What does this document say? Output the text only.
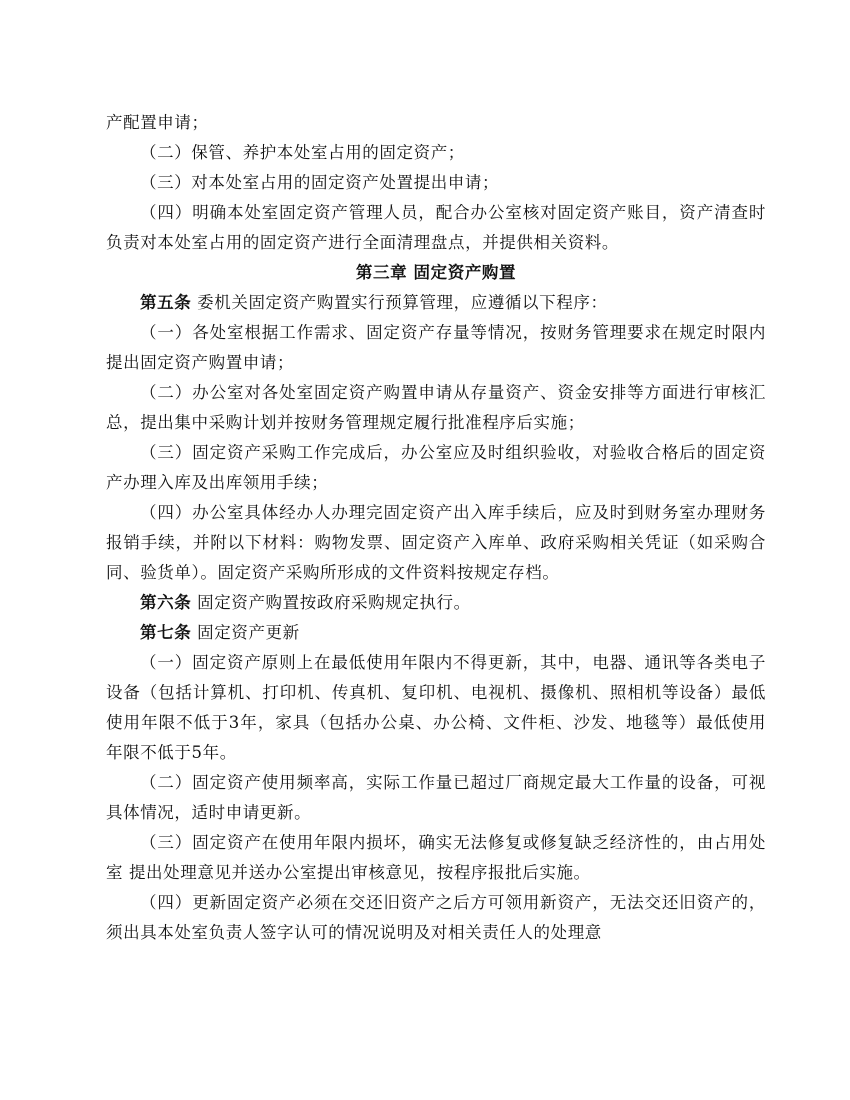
产配置申请；

（二）保管、养护本处室占用的固定资产；

（三）对本处室占用的固定资产处置提出申请；

（四）明确本处室固定资产管理人员，配合办公室核对固定资产账目，资产清查时负责对本处室占用的固定资产进行全面清理盘点，并提供相关资料。

第三章 固定资产购置

第五条 委机关固定资产购置实行预算管理，应遵循以下程序：

（一）各处室根据工作需求、固定资产存量等情况，按财务管理要求在规定时限内提出固定资产购置申请；

（二）办公室对各处室固定资产购置申请从存量资产、资金安排等方面进行审核汇总，提出集中采购计划并按财务管理规定履行批准程序后实施；

（三）固定资产采购工作完成后，办公室应及时组织验收，对验收合格后的固定资产办理入库及出库领用手续；

（四）办公室具体经办人办理完固定资产出入库手续后，应及时到财务室办理财务报销手续，并附以下材料：购物发票、固定资产入库单、政府采购相关凭证（如采购合同、验货单）。固定资产采购所形成的文件资料按规定存档。

第六条 固定资产购置按政府采购规定执行。

第七条 固定资产更新

（一）固定资产原则上在最低使用年限内不得更新，其中，电器、通讯等各类电子设备（包括计算机、打印机、传真机、复印机、电视机、摄像机、照相机等设备）最低使用年限不低于3年，家具（包括办公桌、办公椅、文件柜、沙发、地毯等）最低使用年限不低于5年。

（二）固定资产使用频率高，实际工作量已超过厂商规定最大工作量的设备，可视具体情况，适时申请更新。

（三）固定资产在使用年限内损坏，确实无法修复或修复缺乏经济性的，由占用处室 提出处理意见并送办公室提出审核意见，按程序报批后实施。

（四）更新固定资产必须在交还旧资产之后方可领用新资产，无法交还旧资产的，须出具本处室负责人签字认可的情况说明及对相关责任人的处理意
